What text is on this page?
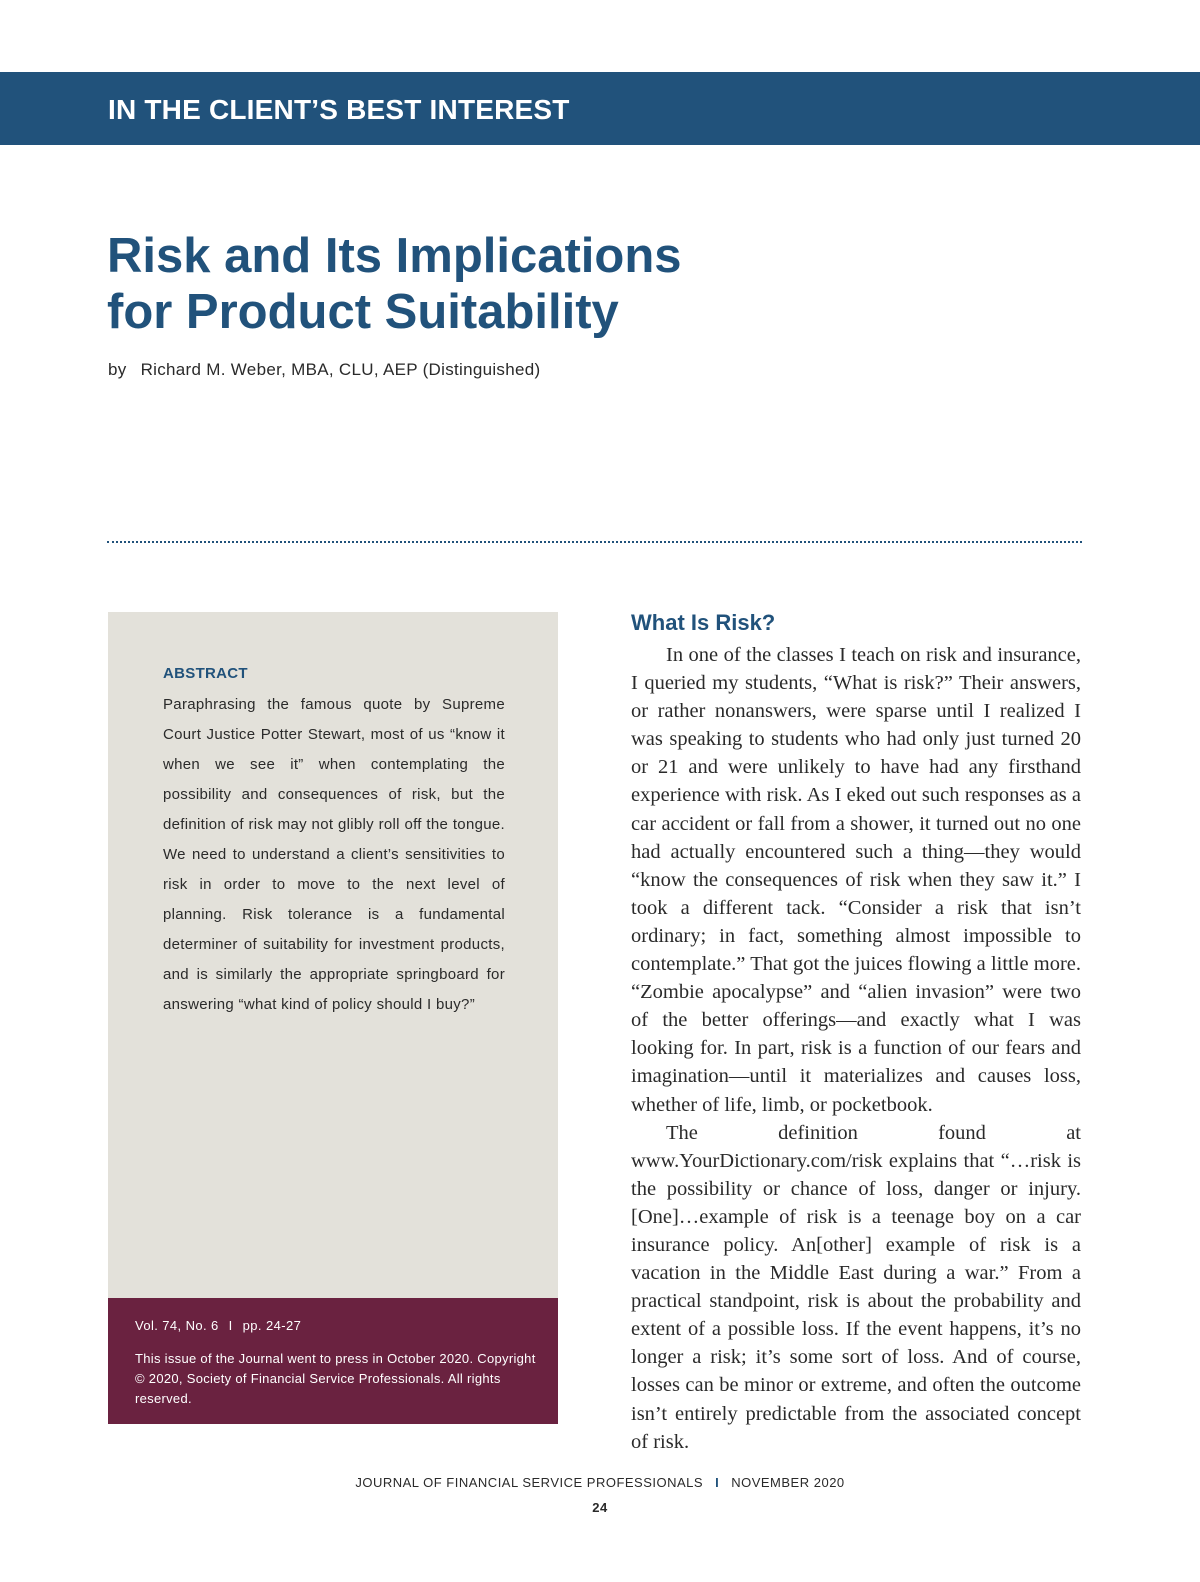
IN THE CLIENT’S BEST INTEREST
Risk and Its Implications
for Product Suitability
by Richard M. Weber, MBA, CLU, AEP (Distinguished)
ABSTRACT

Paraphrasing the famous quote by Supreme Court Justice Potter Stewart, most of us “know it when we see it” when contemplating the possibility and consequences of risk, but the definition of risk may not glibly roll off the tongue. We need to understand a client’s sensitivities to risk in order to move to the next level of planning. Risk tolerance is a fundamental determiner of suitability for investment products, and is similarly the appropriate springboard for answering “what kind of policy should I buy?”

Vol. 74, No. 6 I pp. 24-27

This issue of the Journal went to press in October 2020. Copyright © 2020, Society of Financial Service Professionals. All rights reserved.

What Is Risk?

In one of the classes I teach on risk and insurance, I queried my students, “What is risk?” Their answers, or rather nonanswers, were sparse until I realized I was speaking to students who had only just turned 20 or 21 and were unlikely to have had any firsthand experience with risk. As I eked out such responses as a car accident or fall from a shower, it turned out no one had actually encountered such a thing—they would “know the consequences of risk when they saw it.” I took a different tack. “Consider a risk that isn’t ordinary; in fact, something almost impossible to contemplate.” That got the juices flowing a little more. “Zombie apocalypse” and “alien invasion” were two of the better offerings—and exactly what I was looking for. In part, risk is a function of our fears and imagination—until it materializes and causes loss, whether of life, limb, or pocketbook.

The definition found at www.YourDictionary.com/risk explains that “…risk is the possibility or chance of loss, danger or injury. [One]…example of risk is a teenage boy on a car insurance policy. An[other] example of risk is a vacation in the Middle East during a war.” From a practical standpoint, risk is about the probability and extent of a possible loss. If the event happens, it’s no longer a risk; it’s some sort of loss. And of course, losses can be minor or extreme, and often the outcome isn’t entirely predictable from the associated concept of risk.

JOURNAL OF FINANCIAL SERVICE PROFESSIONALS I NOVEMBER 2020
24
